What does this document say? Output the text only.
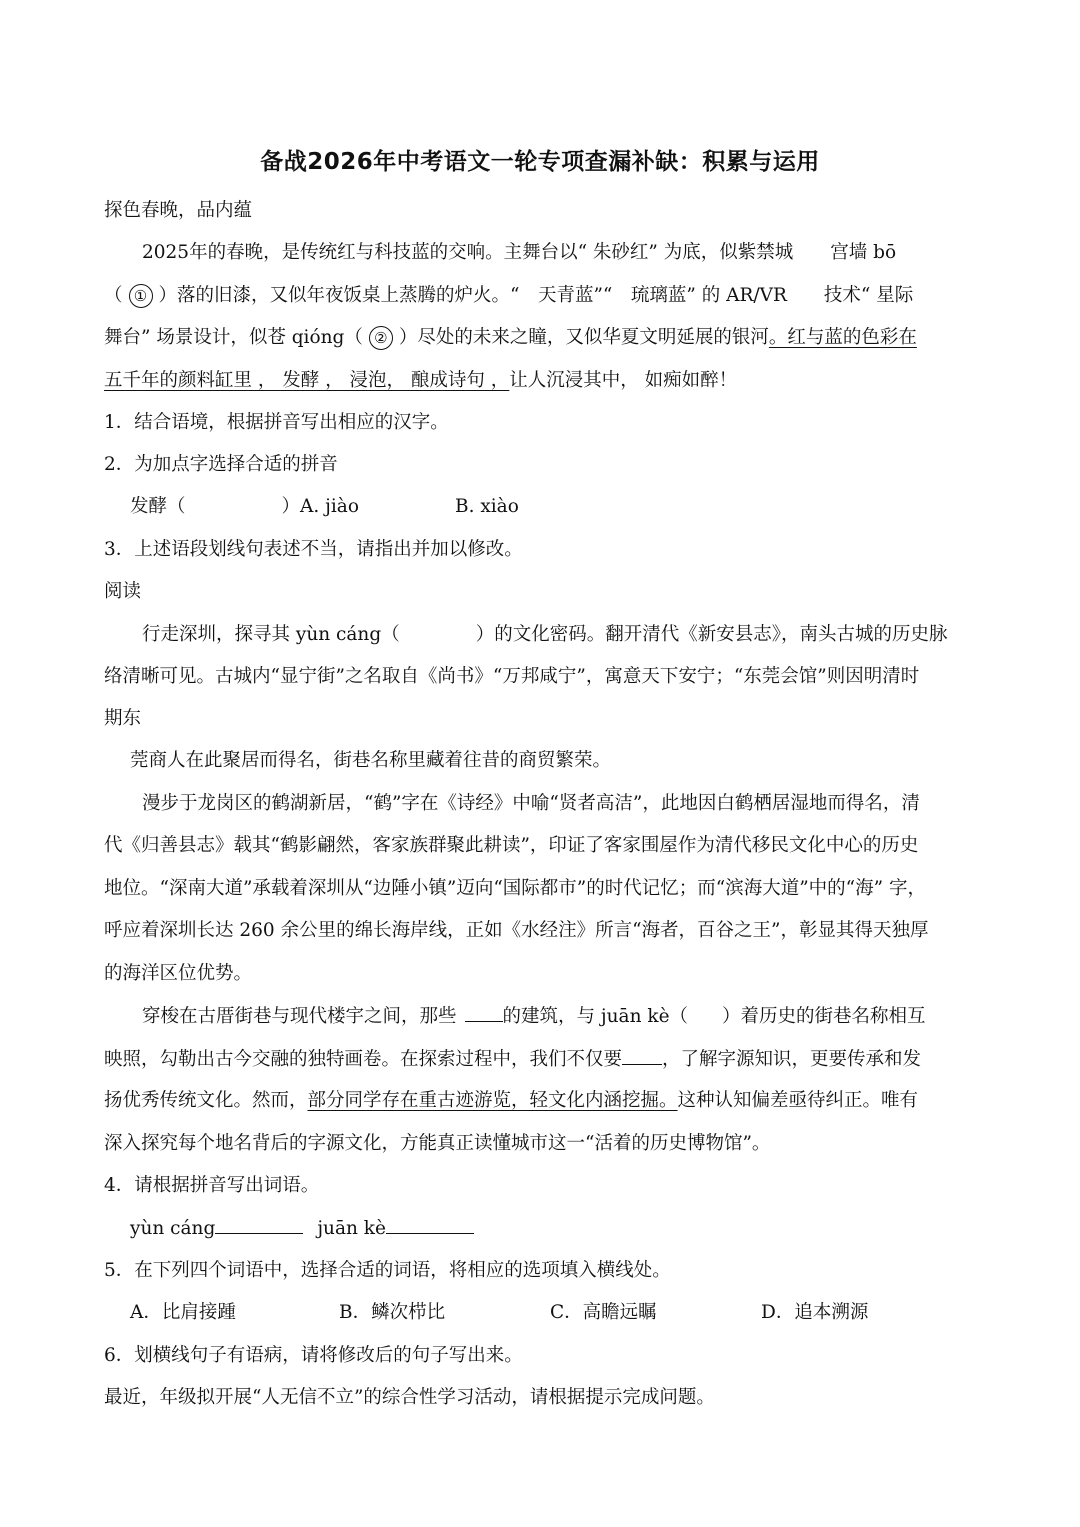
备战2026年中考语文一轮专项查漏补缺：积累与运用
探色春晚，品内蕴
2025年的春晚，是传统红与科技蓝的交响。主舞台以“ 朱砂红” 为底，似紫禁城　　宫墙 bō
（ ① ）落的旧漆，又似年夜饭桌上蒸腾的炉火。“　天青蓝”“　琉璃蓝” 的 AR/VR　　技术“ 星际
舞台” 场景设计，似苍 qióng（ ② ）尽处的未来之瞳，又似华夏文明延展的银河。红与蓝的色彩在
五千年的颜料缸里 ， 发酵 ， 浸泡， 酿成诗句 ，让人沉浸其中， 如痴如醉！
1．结合语境，根据拼音写出相应的汉字。
2．为加点字选择合适的拼音
发酵（	）A. jiào	B. xiào
3．上述语段划线句表述不当，请指出并加以修改。
阅读
行走深圳，探寻其 yùn cáng（	）的文化密码。翻开清代《新安县志》，南头古城的历史脉
络清晰可见。古城内“显宁街”之名取自《尚书》“万邦咸宁”，寓意天下安宁；“东莞会馆”则因明清时
期东
莞商人在此聚居而得名，街巷名称里藏着往昔的商贸繁荣。
漫步于龙岗区的鹤湖新居，“鹤”字在《诗经》中喻“贤者高洁”，此地因白鹤栖居湿地而得名，清
代《归善县志》载其“鹤影翩然，客家族群聚此耕读”，印证了客家围屋作为清代移民文化中心的历史
地位。“深南大道”承载着深圳从“边陲小镇”迈向“国际都市”的时代记忆；而“滨海大道”中的“海” 字，
呼应着深圳长达 260 余公里的绵长海岸线，正如《水经注》所言“海者，百谷之王”，彰显其得天独厚
的海洋区位优势。
穿梭在古厝街巷与现代楼宇之间，那些 的建筑，与 juān kè（ ）着历史的街巷名称相互
映照，勾勒出古今交融的独特画卷。在探索过程中，我们不仅要 ，了解字源知识，更要传承和发
扬优秀传统文化。然而，部分同学存在重古迹游览，轻文化内涵挖掘。这种认知偏差亟待纠正。唯有
深入探究每个地名背后的字源文化，方能真正读懂城市这一“活着的历史博物馆”。
4．请根据拼音写出词语。
yùn cáng	juān kè
5．在下列四个词语中，选择合适的词语，将相应的选项填入横线处。
A．比肩接踵	B．鳞次栉比	C．高瞻远瞩	D．追本溯源
6．划横线句子有语病，请将修改后的句子写出来。
最近，年级拟开展“人无信不立”的综合性学习活动，请根据提示完成问题。
